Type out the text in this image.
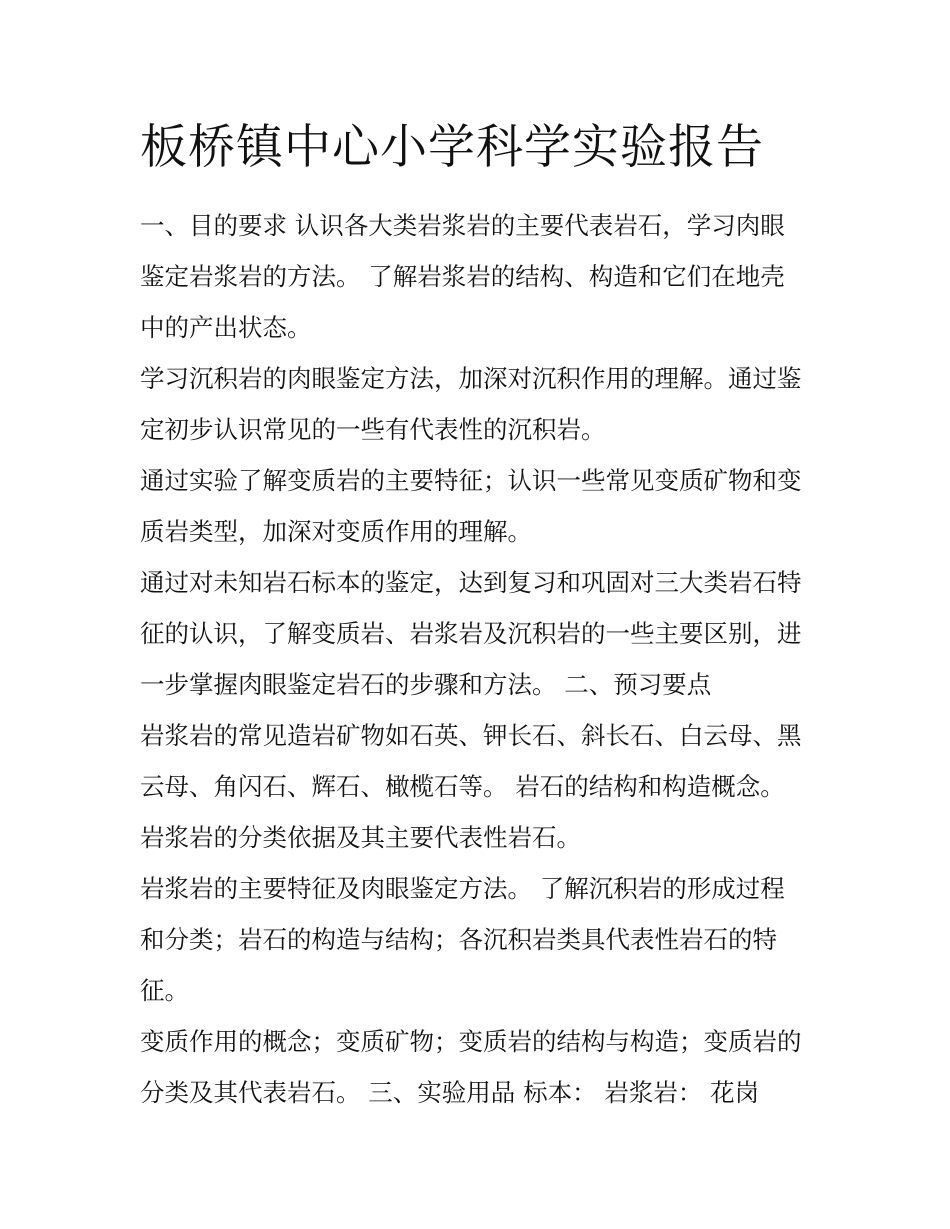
板桥镇中心小学科学实验报告

一、目的要求 认识各大类岩浆岩的主要代表岩石，学习肉眼
鉴定岩浆岩的方法。 了解岩浆岩的结构、构造和它们在地壳
中的产出状态。

学习沉积岩的肉眼鉴定方法，加深对沉积作用的理解。通过鉴
定初步认识常见的一些有代表性的沉积岩。

通过实验了解变质岩的主要特征；认识一些常见变质矿物和变
质岩类型，加深对变质作用的理解。

通过对未知岩石标本的鉴定，达到复习和巩固对三大类岩石特
征的认识，了解变质岩、岩浆岩及沉积岩的一些主要区别，进
一步掌握肉眼鉴定岩石的步骤和方法。 二、预习要点

岩浆岩的常见造岩矿物如石英、钾长石、斜长石、白云母、黑
云母、角闪石、辉石、橄榄石等。 岩石的结构和构造概念。

岩浆岩的分类依据及其主要代表性岩石。

岩浆岩的主要特征及肉眼鉴定方法。 了解沉积岩的形成过程
和分类；岩石的构造与结构；各沉积岩类具代表性岩石的特
征。

变质作用的概念；变质矿物；变质岩的结构与构造；变质岩的
分类及其代表岩石。 三、实验用品 标本： 岩浆岩： 花岗
